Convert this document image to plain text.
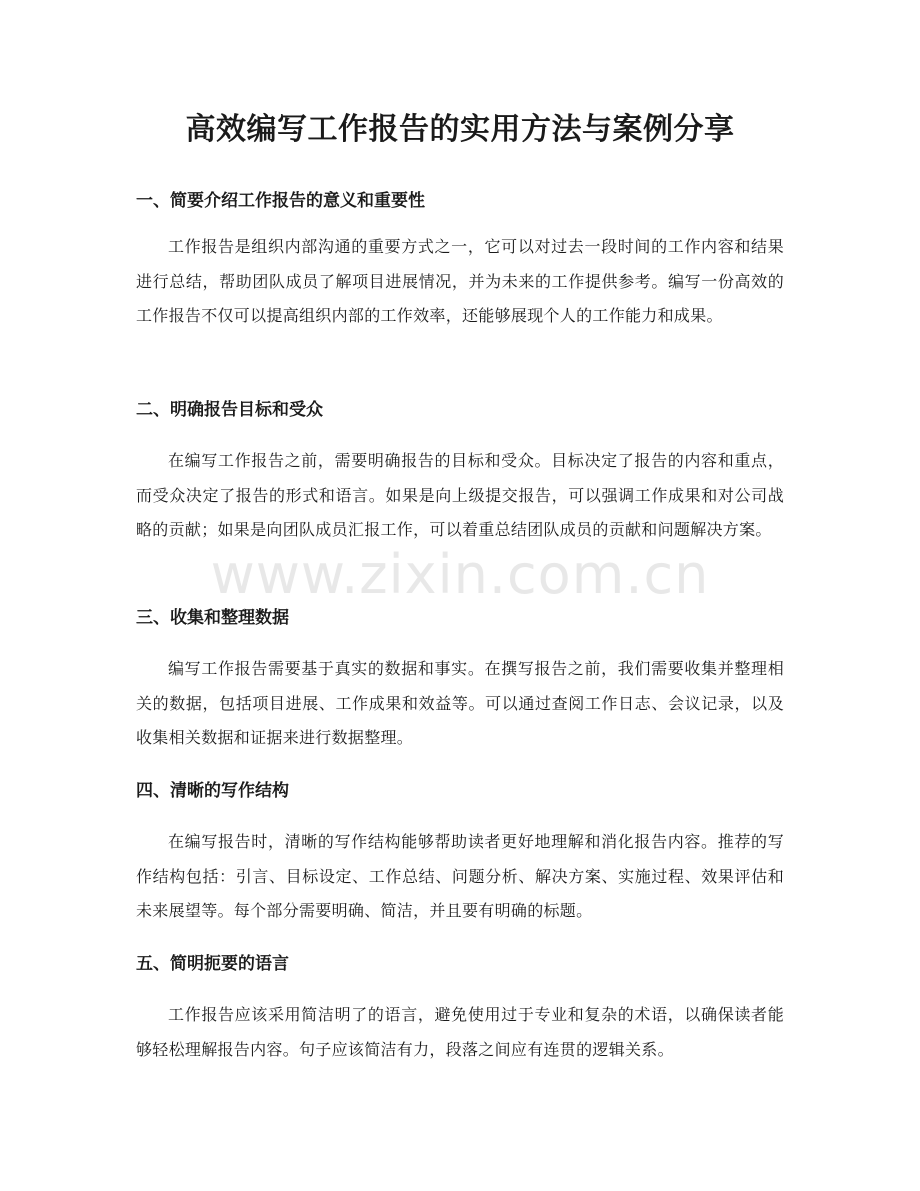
高效编写工作报告的实用方法与案例分享
一、简要介绍工作报告的意义和重要性

工作报告是组织内部沟通的重要方式之一，它可以对过去一段时间的工作内容和结果进行总结，帮助团队成员了解项目进展情况，并为未来的工作提供参考。编写一份高效的工作报告不仅可以提高组织内部的工作效率，还能够展现个人的工作能力和成果。

二、明确报告目标和受众

在编写工作报告之前，需要明确报告的目标和受众。目标决定了报告的内容和重点，而受众决定了报告的形式和语言。如果是向上级提交报告，可以强调工作成果和对公司战略的贡献；如果是向团队成员汇报工作，可以着重总结团队成员的贡献和问题解决方案。

三、收集和整理数据

编写工作报告需要基于真实的数据和事实。在撰写报告之前，我们需要收集并整理相关的数据，包括项目进展、工作成果和效益等。可以通过查阅工作日志、会议记录，以及收集相关数据和证据来进行数据整理。

四、清晰的写作结构

在编写报告时，清晰的写作结构能够帮助读者更好地理解和消化报告内容。推荐的写作结构包括：引言、目标设定、工作总结、问题分析、解决方案、实施过程、效果评估和未来展望等。每个部分需要明确、简洁，并且要有明确的标题。

五、简明扼要的语言

工作报告应该采用简洁明了的语言，避免使用过于专业和复杂的术语，以确保读者能够轻松理解报告内容。句子应该简洁有力，段落之间应有连贯的逻辑关系。

www.zixin.com.cn
